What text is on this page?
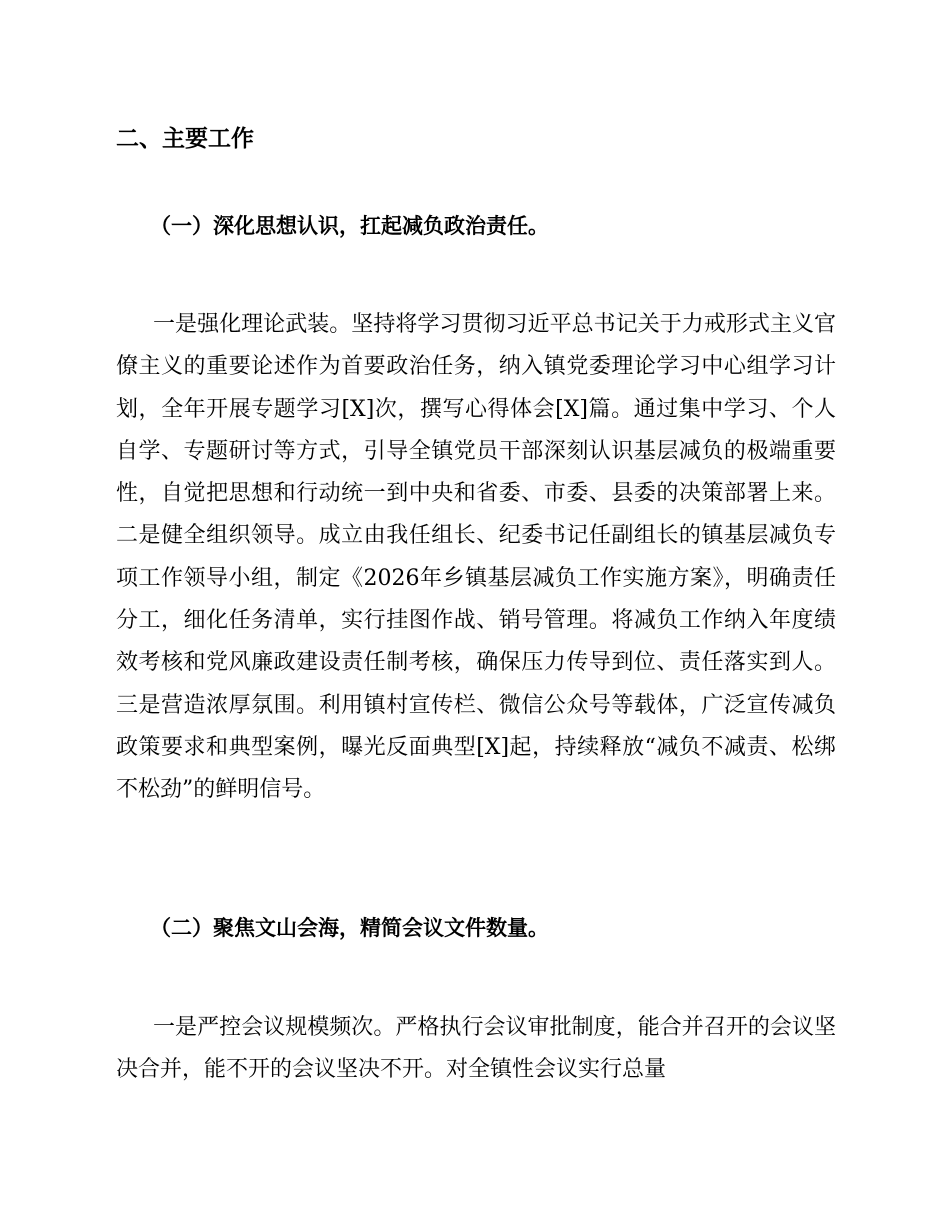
二、主要工作
（一）深化思想认识，扛起减负政治责任。

一是强化理论武装。坚持将学习贯彻习近平总书记关于力戒形式主义官僚主义的重要论述作为首要政治任务，纳入镇党委理论学习中心组学习计划，全年开展专题学习[X]次，撰写心得体会[X]篇。通过集中学习、个人自学、专题研讨等方式，引导全镇党员干部深刻认识基层减负的极端重要性，自觉把思想和行动统一到中央和省委、市委、县委的决策部署上来。二是健全组织领导。成立由我任组长、纪委书记任副组长的镇基层减负专项工作领导小组，制定《2026年乡镇基层减负工作实施方案》，明确责任分工，细化任务清单，实行挂图作战、销号管理。将减负工作纳入年度绩效考核和党风廉政建设责任制考核，确保压力传导到位、责任落实到人。三是营造浓厚氛围。利用镇村宣传栏、微信公众号等载体，广泛宣传减负政策要求和典型案例，曝光反面典型[X]起，持续释放“减负不减责、松绑不松劲”的鲜明信号。

（二）聚焦文山会海，精简会议文件数量。

一是严控会议规模频次。严格执行会议审批制度，能合并召开的会议坚决合并，能不开的会议坚决不开。对全镇性会议实行总量
